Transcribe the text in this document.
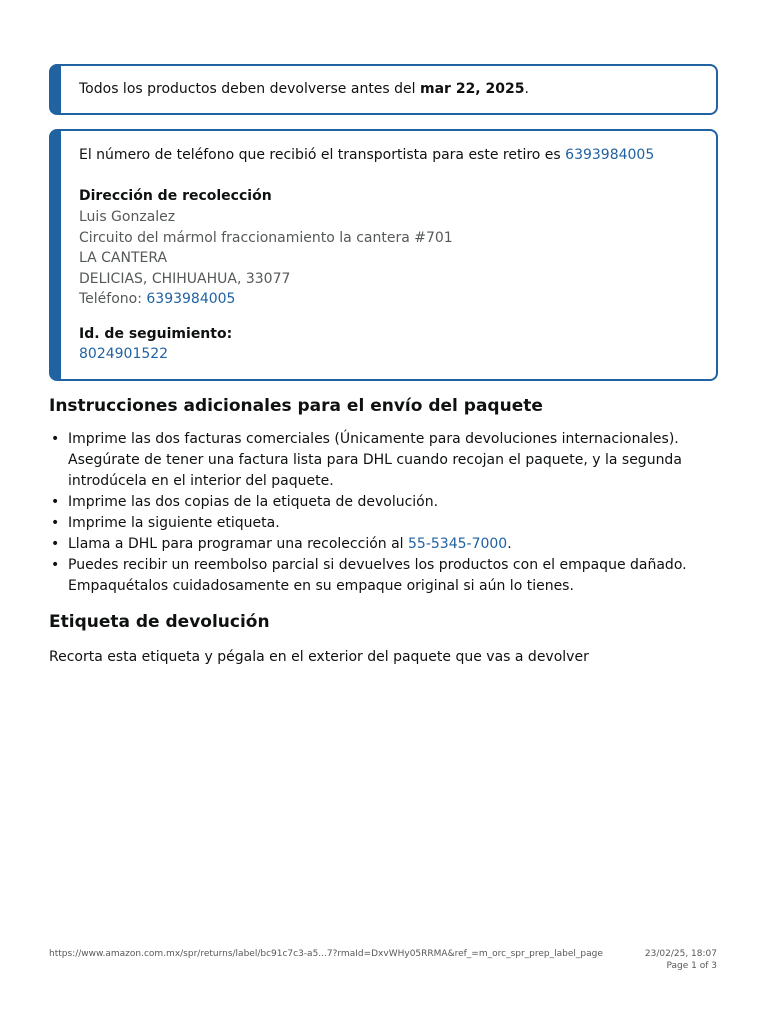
Todos los productos deben devolverse antes del mar 22, 2025.
El número de teléfono que recibió el transportista para este retiro es 6393984005
Dirección de recolección
Luis Gonzalez
Circuito del mármol fraccionamiento la cantera #701
LA CANTERA
DELICIAS, CHIHUAHUA, 33077
Teléfono: 6393984005
Id. de seguimiento:
8024901522
Instrucciones adicionales para el envío del paquete
• Imprime las dos facturas comerciales (Únicamente para devoluciones internacionales).
Asegúrate de tener una factura lista para DHL cuando recojan el paquete, y la segunda
introdúcela en el interior del paquete.
• Imprime las dos copias de la etiqueta de devolución.
• Imprime la siguiente etiqueta.
• Llama a DHL para programar una recolección al 55-5345-7000.
• Puedes recibir un reembolso parcial si devuelves los productos con el empaque dañado.
Empaquétalos cuidadosamente en su empaque original si aún lo tienes.
Etiqueta de devolución
Recorta esta etiqueta y pégala en el exterior del paquete que vas a devolver
https://www.amazon.com.mx/spr/returns/label/bc91c7c3-a5...7?rmaId=DxvWHy05RRMA&ref_=m_orc_spr_prep_label_page	23/02/25, 18:07
Page 1 of 3
